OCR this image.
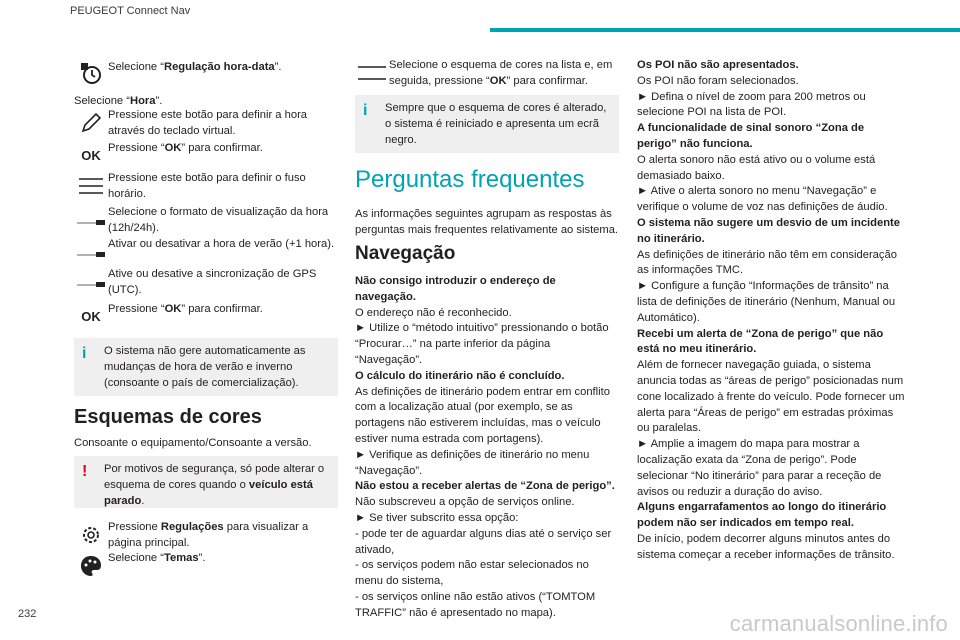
PEUGEOT Connect Nav
Selecione “Regulação hora-data”.
Selecione “Hora”.
Pressione este botão para definir a hora através do teclado virtual.
OK
Pressione “OK” para confirmar.
Pressione este botão para definir o fuso horário.
Selecione o formato de visualização da hora (12h/24h).
Ativar ou desativar a hora de verão (+1 hora).
Ative ou desative a sincronização de GPS (UTC).
OK
Pressione “OK” para confirmar.
i	O sistema não gere automaticamente as mudanças de hora de verão e inverno (consoante o país de comercialização).
Esquemas de cores
Consoante o equipamento/Consoante a versão.
!	Por motivos de segurança, só pode alterar o esquema de cores quando o veículo está parado.
Pressione Regulações para visualizar a página principal.
Selecione “Temas”.
Selecione o esquema de cores na lista e, em seguida, pressione “OK” para confirmar.
i	Sempre que o esquema de cores é alterado, o sistema é reiniciado e apresenta um ecrã negro.
Perguntas frequentes
As informações seguintes agrupam as respostas às perguntas mais frequentes relativamente ao sistema.
Navegação

Não consigo introduzir o endereço de navegação.

O endereço não é reconhecido.

► Utilize o “método intuitivo” pressionando o botão “Procurar…” na parte inferior da página “Navegação”.

O cálculo do itinerário não é concluído.

As definições de itinerário podem entrar em conflito com a localização atual (por exemplo, se as portagens não estiverem incluídas, mas o veículo estiver numa estrada com portagens).

► Verifique as definições de itinerário no menu “Navegação”.

Não estou a receber alertas de “Zona de perigo”.

Não subscreveu a opção de serviços online.

► Se tiver subscrito essa opção:

- pode ter de aguardar alguns dias até o serviço ser ativado,

- os serviços podem não estar selecionados no menu do sistema,

- os serviços online não estão ativos (“TOMTOM TRAFFIC” não é apresentado no mapa).

Os POI não são apresentados.

Os POI não foram selecionados.

► Defina o nível de zoom para 200 metros ou selecione POI na lista de POI.

A funcionalidade de sinal sonoro “Zona de perigo” não funciona.

O alerta sonoro não está ativo ou o volume está demasiado baixo.

► Ative o alerta sonoro no menu “Navegação” e verifique o volume de voz nas definições de áudio.

O sistema não sugere um desvio de um incidente no itinerário.

As definições de itinerário não têm em consideração as informações TMC.

► Configure a função “Informações de trânsito” na lista de definições de itinerário (Nenhum, Manual ou Automático).

Recebi um alerta de “Zona de perigo” que não está no meu itinerário.

Além de fornecer navegação guiada, o sistema anuncia todas as “áreas de perigo” posicionadas num cone localizado à frente do veículo. Pode fornecer um alerta para “Áreas de perigo” em estradas próximas ou paralelas.

► Amplie a imagem do mapa para mostrar a localização exata da “Zona de perigo”. Pode selecionar “No itinerário” para parar a receção de avisos ou reduzir a duração do aviso.

Alguns engarrafamentos ao longo do itinerário podem não ser indicados em tempo real.

De início, podem decorrer alguns minutos antes do sistema começar a receber informações de trânsito.

232	carmanualsonline.info
